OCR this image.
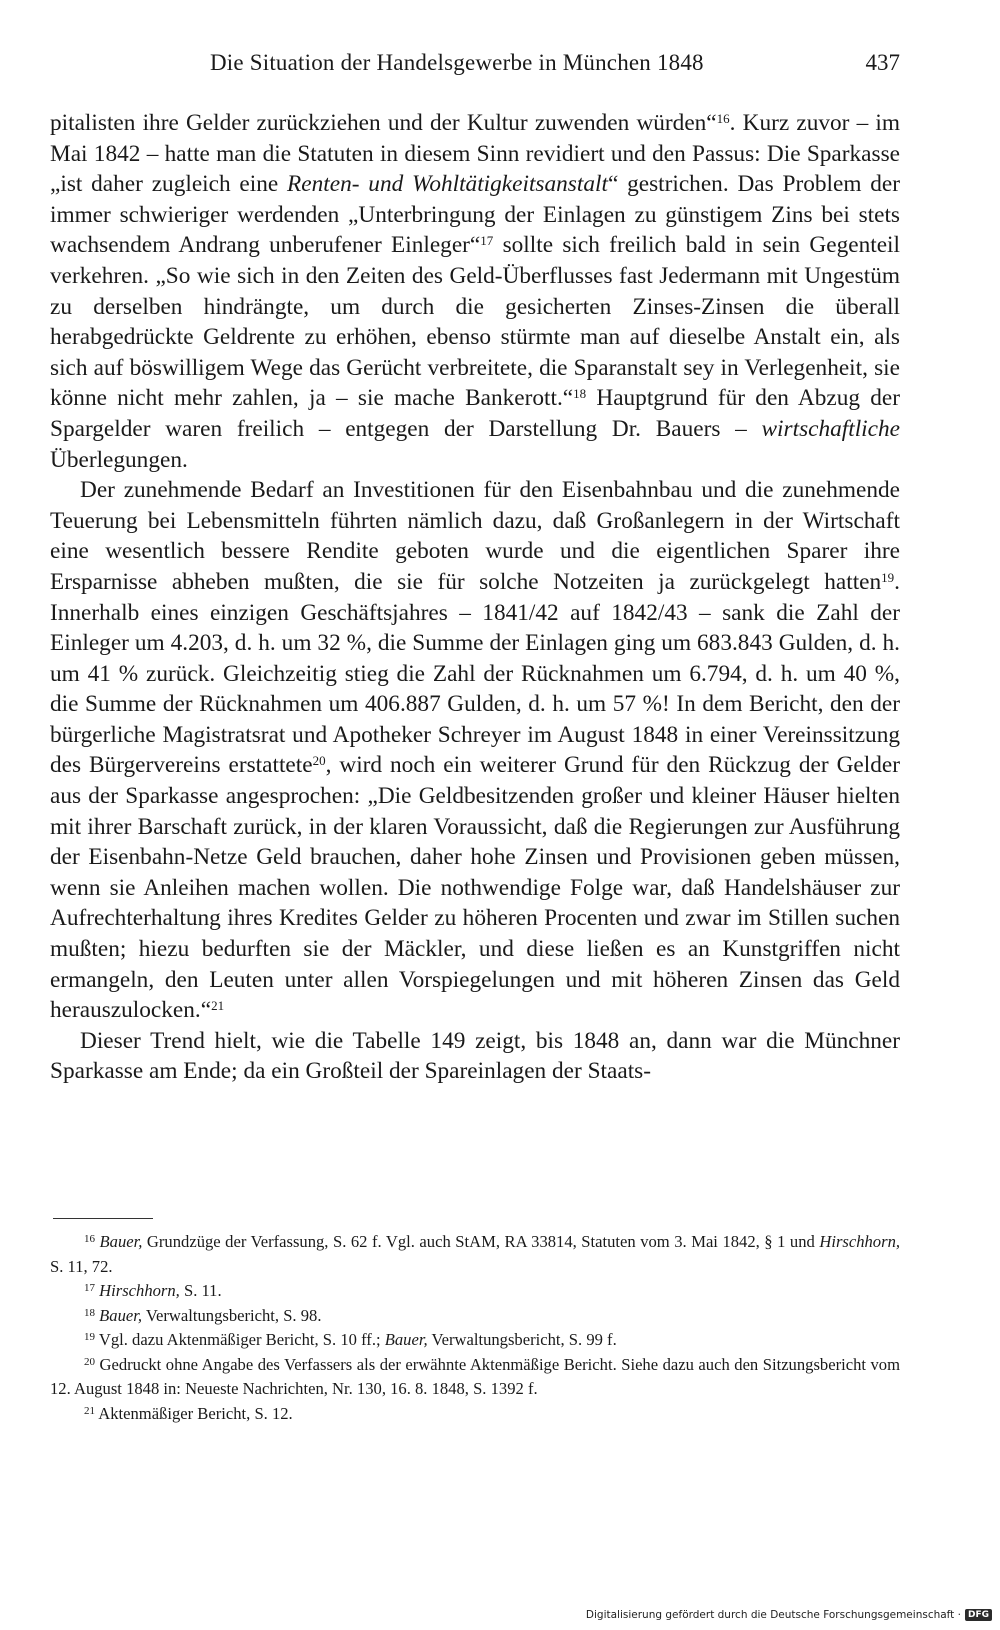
Die Situation der Handelsgewerbe in München 1848	437

pitalisten ihre Gelder zurückziehen und der Kultur zuwenden würden“$^{16}$. Kurz zuvor – im Mai 1842 – hatte man die Statuten in diesem Sinn revidiert und den Passus: Die Sparkasse „ist daher zugleich eine Renten- und Wohltätigkeitsanstalt“ gestrichen. Das Problem der immer schwieriger werdenden „Unterbringung der Einlagen zu günstigem Zins bei stets wachsendem Andrang unberufener Einleger“$^{17}$ sollte sich freilich bald in sein Gegenteil verkehren. „So wie sich in den Zeiten des Geld-Überflusses fast Jedermann mit Ungestüm zu derselben hindrängte, um durch die gesicherten Zinses-Zinsen die überall herabgedrückte Geldrente zu erhöhen, ebenso stürmte man auf dieselbe Anstalt ein, als sich auf böswilligem Wege das Gerücht verbreitete, die Sparanstalt sey in Verlegenheit, sie könne nicht mehr zahlen, ja – sie mache Bankerott.“$^{18}$ Hauptgrund für den Abzug der Spargelder waren freilich – entgegen der Darstellung Dr. Bauers – wirtschaftliche Überlegungen.

Der zunehmende Bedarf an Investitionen für den Eisenbahnbau und die zunehmende Teuerung bei Lebensmitteln führten nämlich dazu, daß Großanlegern in der Wirtschaft eine wesentlich bessere Rendite geboten wurde und die eigentlichen Sparer ihre Ersparnisse abheben mußten, die sie für solche Notzeiten ja zurückgelegt hatten$^{19}$. Innerhalb eines einzigen Geschäftsjahres – 1841/42 auf 1842/43 – sank die Zahl der Einleger um 4.203, d. h. um 32 %, die Summe der Einlagen ging um 683.843 Gulden, d. h. um 41 % zurück. Gleichzeitig stieg die Zahl der Rücknahmen um 6.794, d. h. um 40 %, die Summe der Rücknahmen um 406.887 Gulden, d. h. um 57 %! In dem Bericht, den der bürgerliche Magistratsrat und Apotheker Schreyer im August 1848 in einer Vereinssitzung des Bürgervereins erstattete$^{20}$, wird noch ein weiterer Grund für den Rückzug der Gelder aus der Sparkasse angesprochen: „Die Geldbesitzenden großer und kleiner Häuser hielten mit ihrer Barschaft zurück, in der klaren Voraussicht, daß die Regierungen zur Ausführung der Eisenbahn-Netze Geld brauchen, daher hohe Zinsen und Provisionen geben müssen, wenn sie Anleihen machen wollen. Die nothwendige Folge war, daß Handelshäuser zur Aufrechterhaltung ihres Kredites Gelder zu höheren Procenten und zwar im Stillen suchen mußten; hiezu bedurften sie der Mäckler, und diese ließen es an Kunstgriffen nicht ermangeln, den Leuten unter allen Vorspiegelungen und mit höheren Zinsen das Geld herauszulocken.“$^{21}$

Dieser Trend hielt, wie die Tabelle 149 zeigt, bis 1848 an, dann war die Münchner Sparkasse am Ende; da ein Großteil der Spareinlagen der Staats-

$^{16}$ Bauer, Grundzüge der Verfassung, S. 62 f. Vgl. auch StAM, RA 33814, Statuten vom 3. Mai 1842, § 1 und Hirschhorn, S. 11, 72.

$^{17}$ Hirschhorn, S. 11.

$^{18}$ Bauer, Verwaltungsbericht, S. 98.

$^{19}$ Vgl. dazu Aktenmäßiger Bericht, S. 10 ff.; Bauer, Verwaltungsbericht, S. 99 f.

$^{20}$ Gedruckt ohne Angabe des Verfassers als der erwähnte Aktenmäßige Bericht. Siehe dazu auch den Sitzungsbericht vom 12. August 1848 in: Neueste Nachrichten, Nr. 130, 16. 8. 1848, S. 1392 f.

$^{21}$ Aktenmäßiger Bericht, S. 12.

Digitalisierung gefördert durch die Deutsche Forschungsgemeinschaft · DFG
